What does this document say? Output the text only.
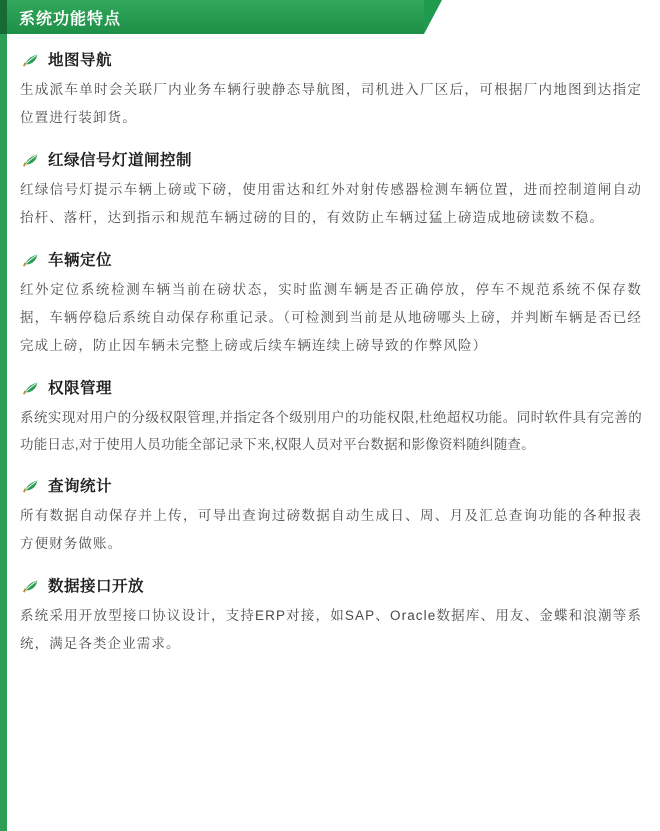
系统功能特点
地图导航

生成派车单时会关联厂内业务车辆行驶静态导航图，司机进入厂区后，可根据厂内地图到达指定位置进行装卸货。

红绿信号灯道闸控制

红绿信号灯提示车辆上磅或下磅，使用雷达和红外对射传感器检测车辆位置，进而控制道闸自动抬杆、落杆，达到指示和规范车辆过磅的目的，有效防止车辆过猛上磅造成地磅读数不稳。

车辆定位

红外定位系统检测车辆当前在磅状态，实时监测车辆是否正确停放，停车不规范系统不保存数据，车辆停稳后系统自动保存称重记录。（可检测到当前是从地磅哪头上磅，并判断车辆是否已经完成上磅，防止因车辆未完整上磅或后续车辆连续上磅导致的作弊风险）

权限管理

系统实现对用户的分级权限管理,并指定各个级别用户的功能权限,杜绝超权功能。同时软件具有完善的功能日志,对于使用人员功能全部记录下来,权限人员对平台数据和影像资料随纠随查。

查询统计

所有数据自动保存并上传，可导出查询过磅数据自动生成日、周、月及汇总查询功能的各种报表方便财务做账。

数据接口开放

系统采用开放型接口协议设计，支持ERP对接，如SAP、Oracle数据库、用友、金蝶和浪潮等系统，满足各类企业需求。
